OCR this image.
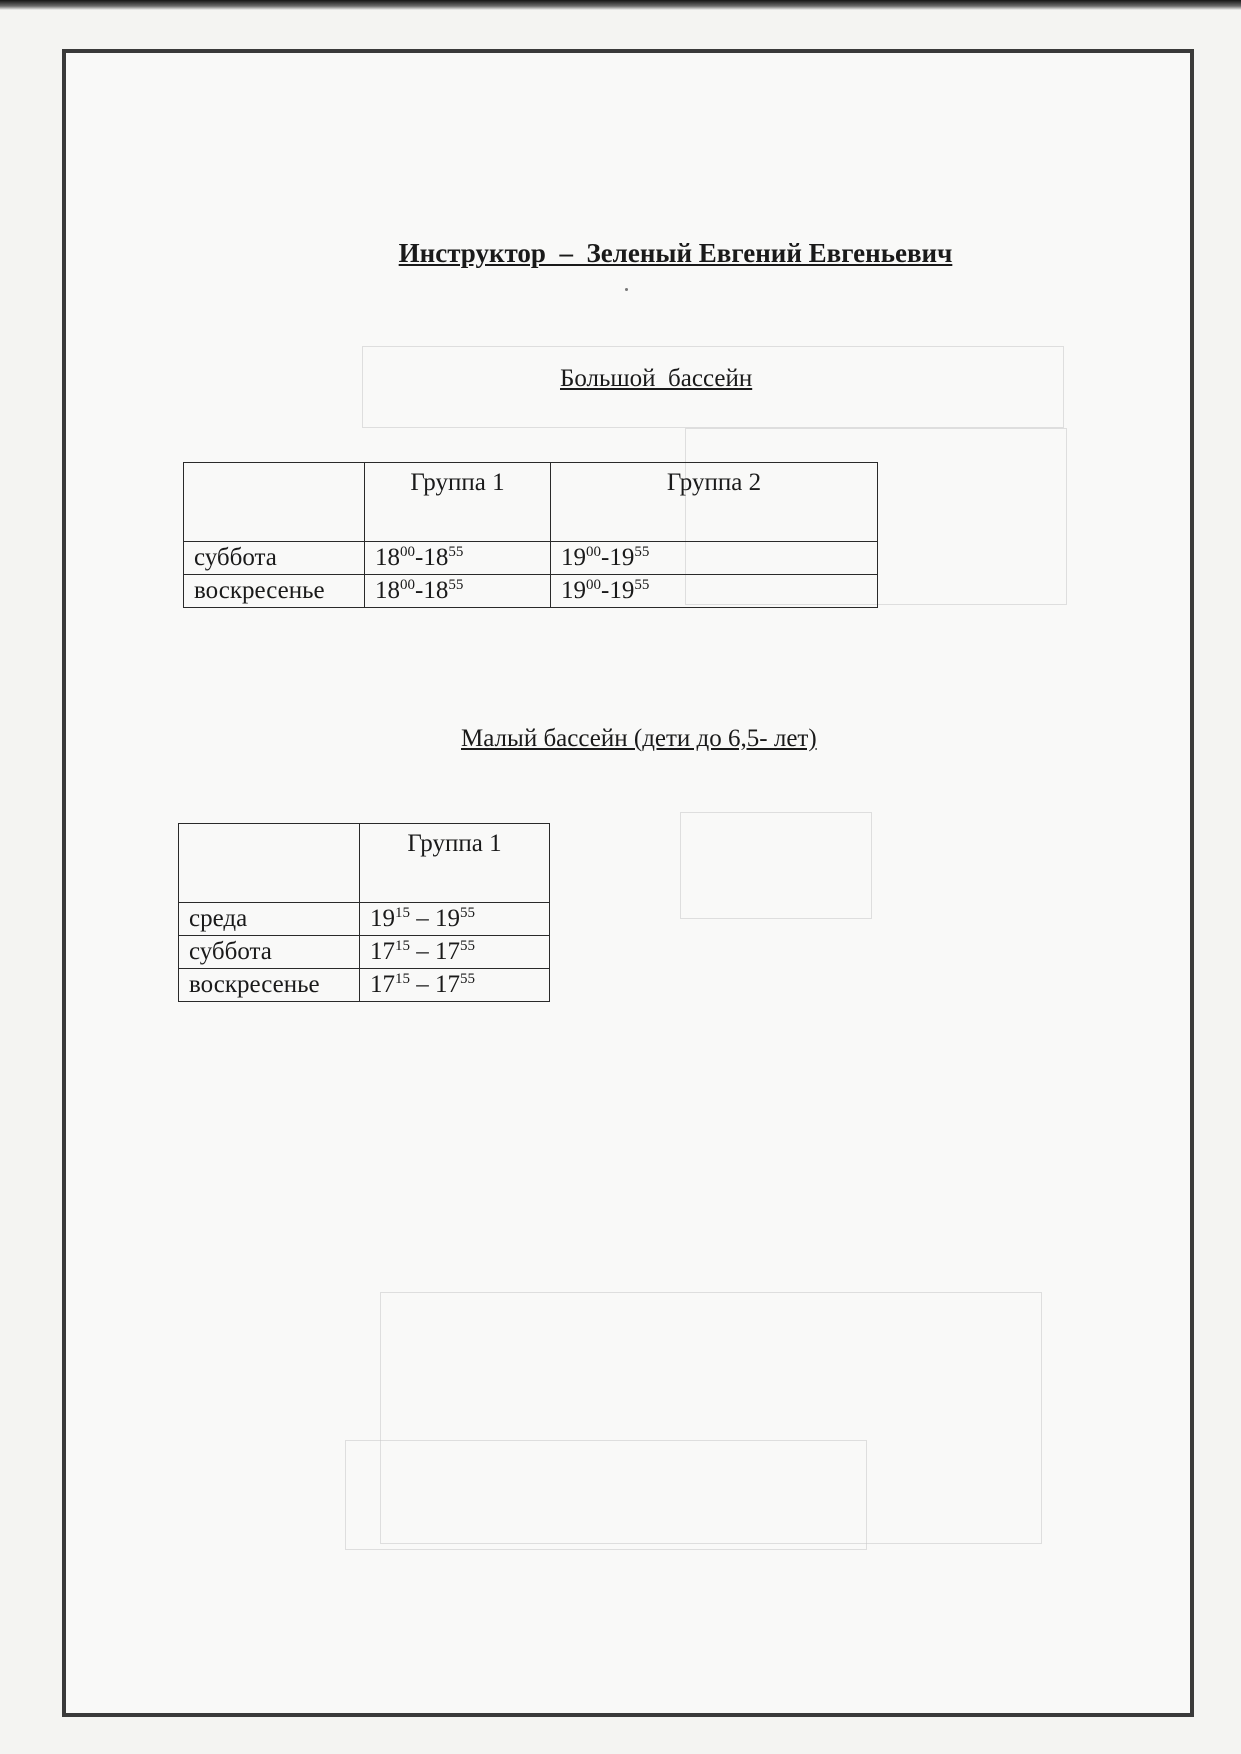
Инструктор  –  Зеленый Евгений Евгеньевич
Большой  бассейн
	Группа 1	Группа 2
суббота	$18^{00}-18^{55}$	$19^{00}-19^{55}$
воскресенье	$18^{00}-18^{55}$	$19^{00}-19^{55}$
Малый бассейн (дети до 6,5- лет)
	Группа 1
среда	$19^{15} - 19^{55}$
суббота	$17^{15} - 17^{55}$
воскресенье	$17^{15} - 17^{55}$
